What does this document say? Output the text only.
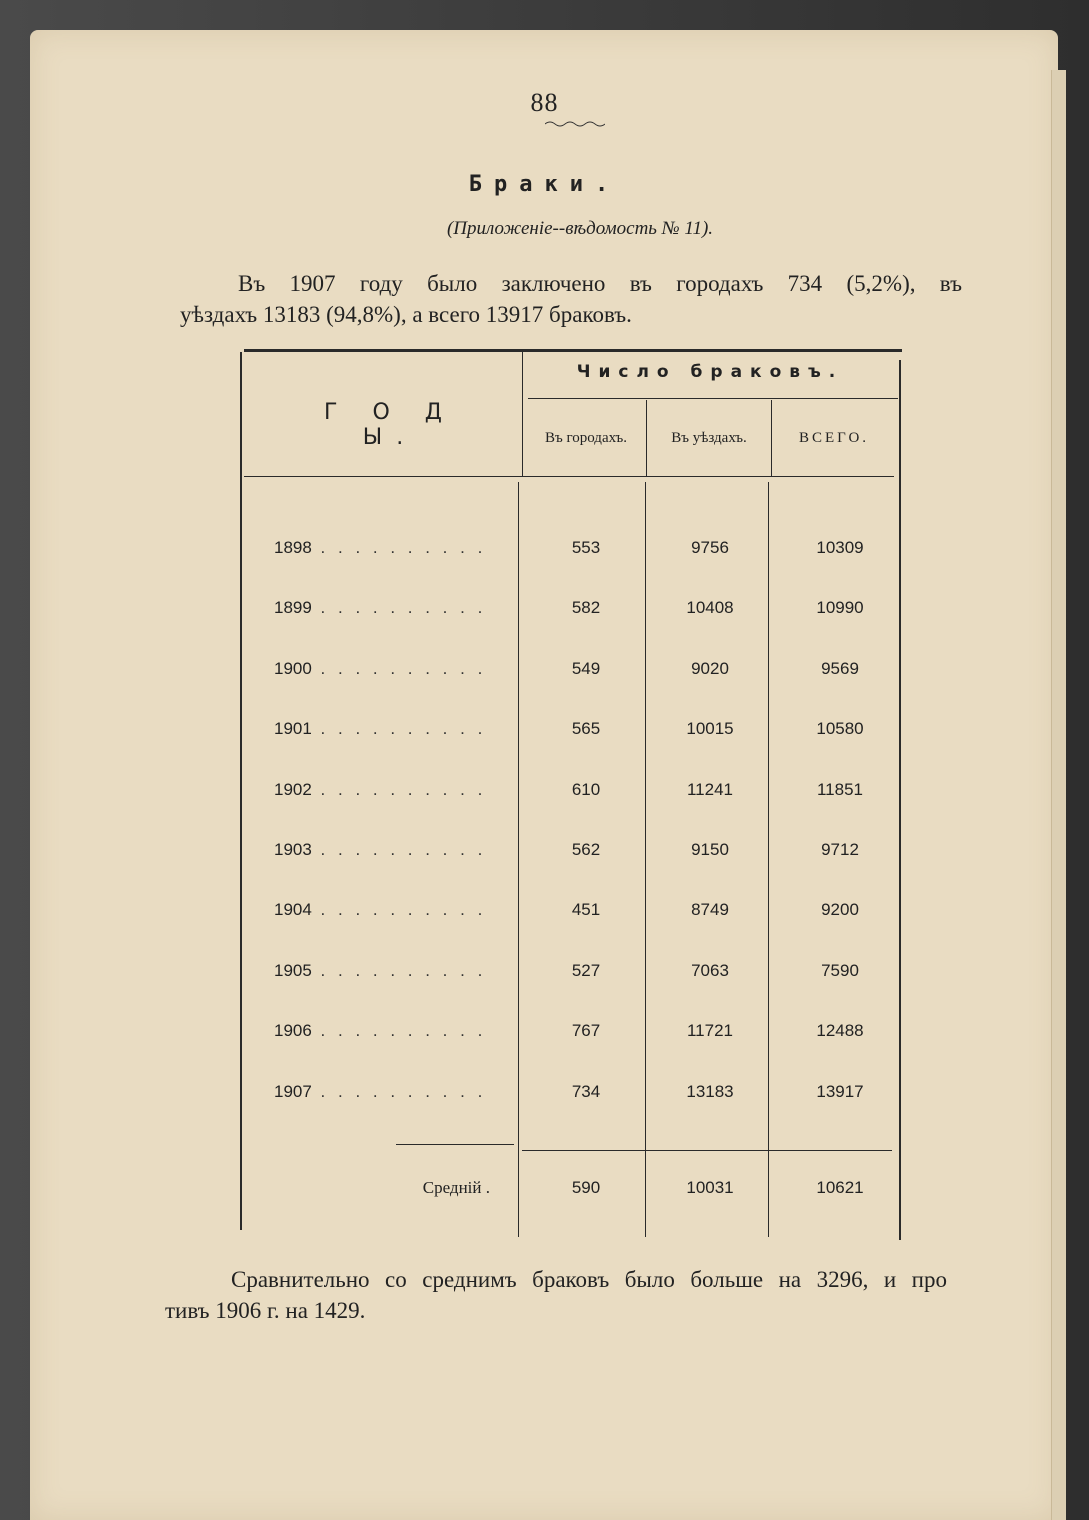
88
Браки.
(Приложеніе--вѣдомость № 11).
Въ 1907 году было заключено въ городахъ 734 (5,2%), въ
уѣздахъ 13183 (94,8%), а всего 13917 браковъ.
Г О Д Ы.
Число браковъ.
Въ городахъ.	Въ уѣздахъ.	ВСЕГО.
1898 . . . . . . . . . .	553	9756	10309
1899 . . . . . . . . . .	582	10408	10990
1900 . . . . . . . . . .	549	9020	9569
1901 . . . . . . . . . .	565	10015	10580
1902 . . . . . . . . . .	610	11241	11851
1903 . . . . . . . . . .	562	9150	9712
1904 . . . . . . . . . .	451	8749	9200
1905 . . . . . . . . . .	527	7063	7590
1906 . . . . . . . . . .	767	11721	12488
1907 . . . . . . . . . .	734	13183	13917
Средній .	590	10031	10621
Сравнительно со среднимъ браковъ было больше на 3296, и про
тивъ 1906 г. на 1429.
